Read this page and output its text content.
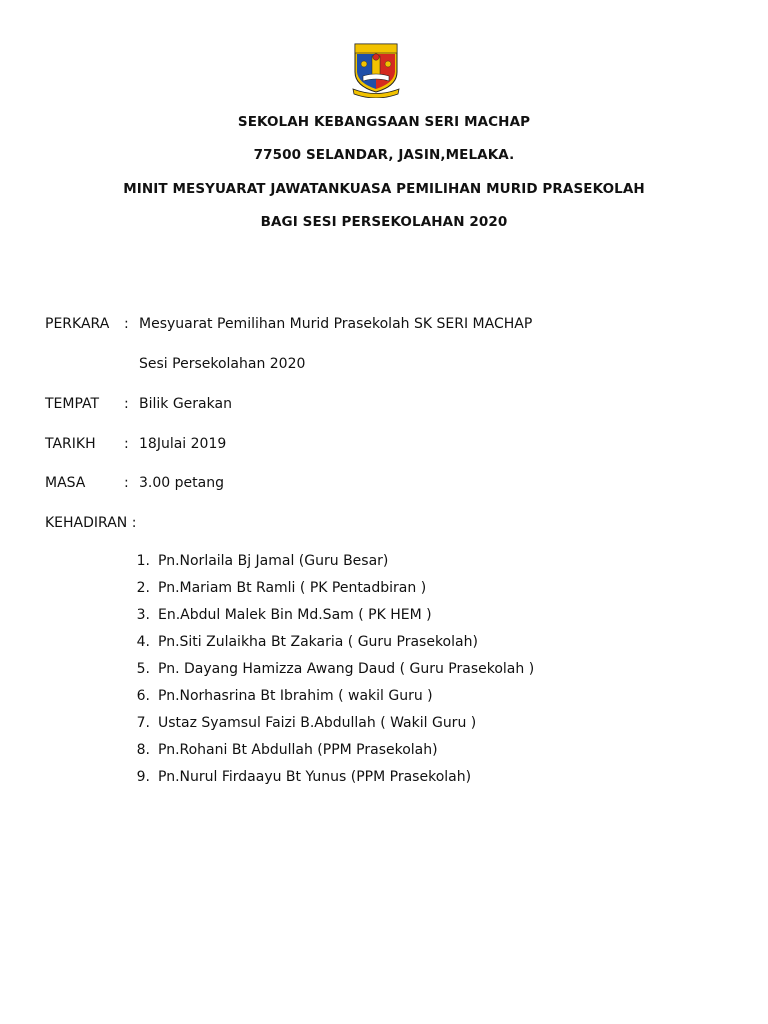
SEKOLAH KEBANGSAAN SERI MACHAP
77500 SELANDAR, JASIN,MELAKA.
MINIT MESYUARAT JAWATANKUASA PEMILIHAN MURID PRASEKOLAH
BAGI SESI PERSEKOLAHAN 2020
PERKARA : Mesyuarat Pemilihan Murid Prasekolah SK SERI MACHAP
Sesi Persekolahan 2020
TEMPAT : Bilik Gerakan
TARIKH : 18Julai 2019
MASA	: 3.00 petang
KEHADIRAN :
1. Pn.Norlaila Bj Jamal (Guru Besar)
2. Pn.Mariam Bt Ramli ( PK Pentadbiran )
3. En.Abdul Malek Bin Md.Sam ( PK HEM )
4. Pn.Siti Zulaikha Bt Zakaria ( Guru Prasekolah)
5. Pn. Dayang Hamizza Awang Daud ( Guru Prasekolah )
6. Pn.Norhasrina Bt Ibrahim ( wakil Guru )
7. Ustaz Syamsul Faizi B.Abdullah ( Wakil Guru )
8. Pn.Rohani Bt Abdullah (PPM Prasekolah)
9. Pn.Nurul Firdaayu Bt Yunus (PPM Prasekolah)
